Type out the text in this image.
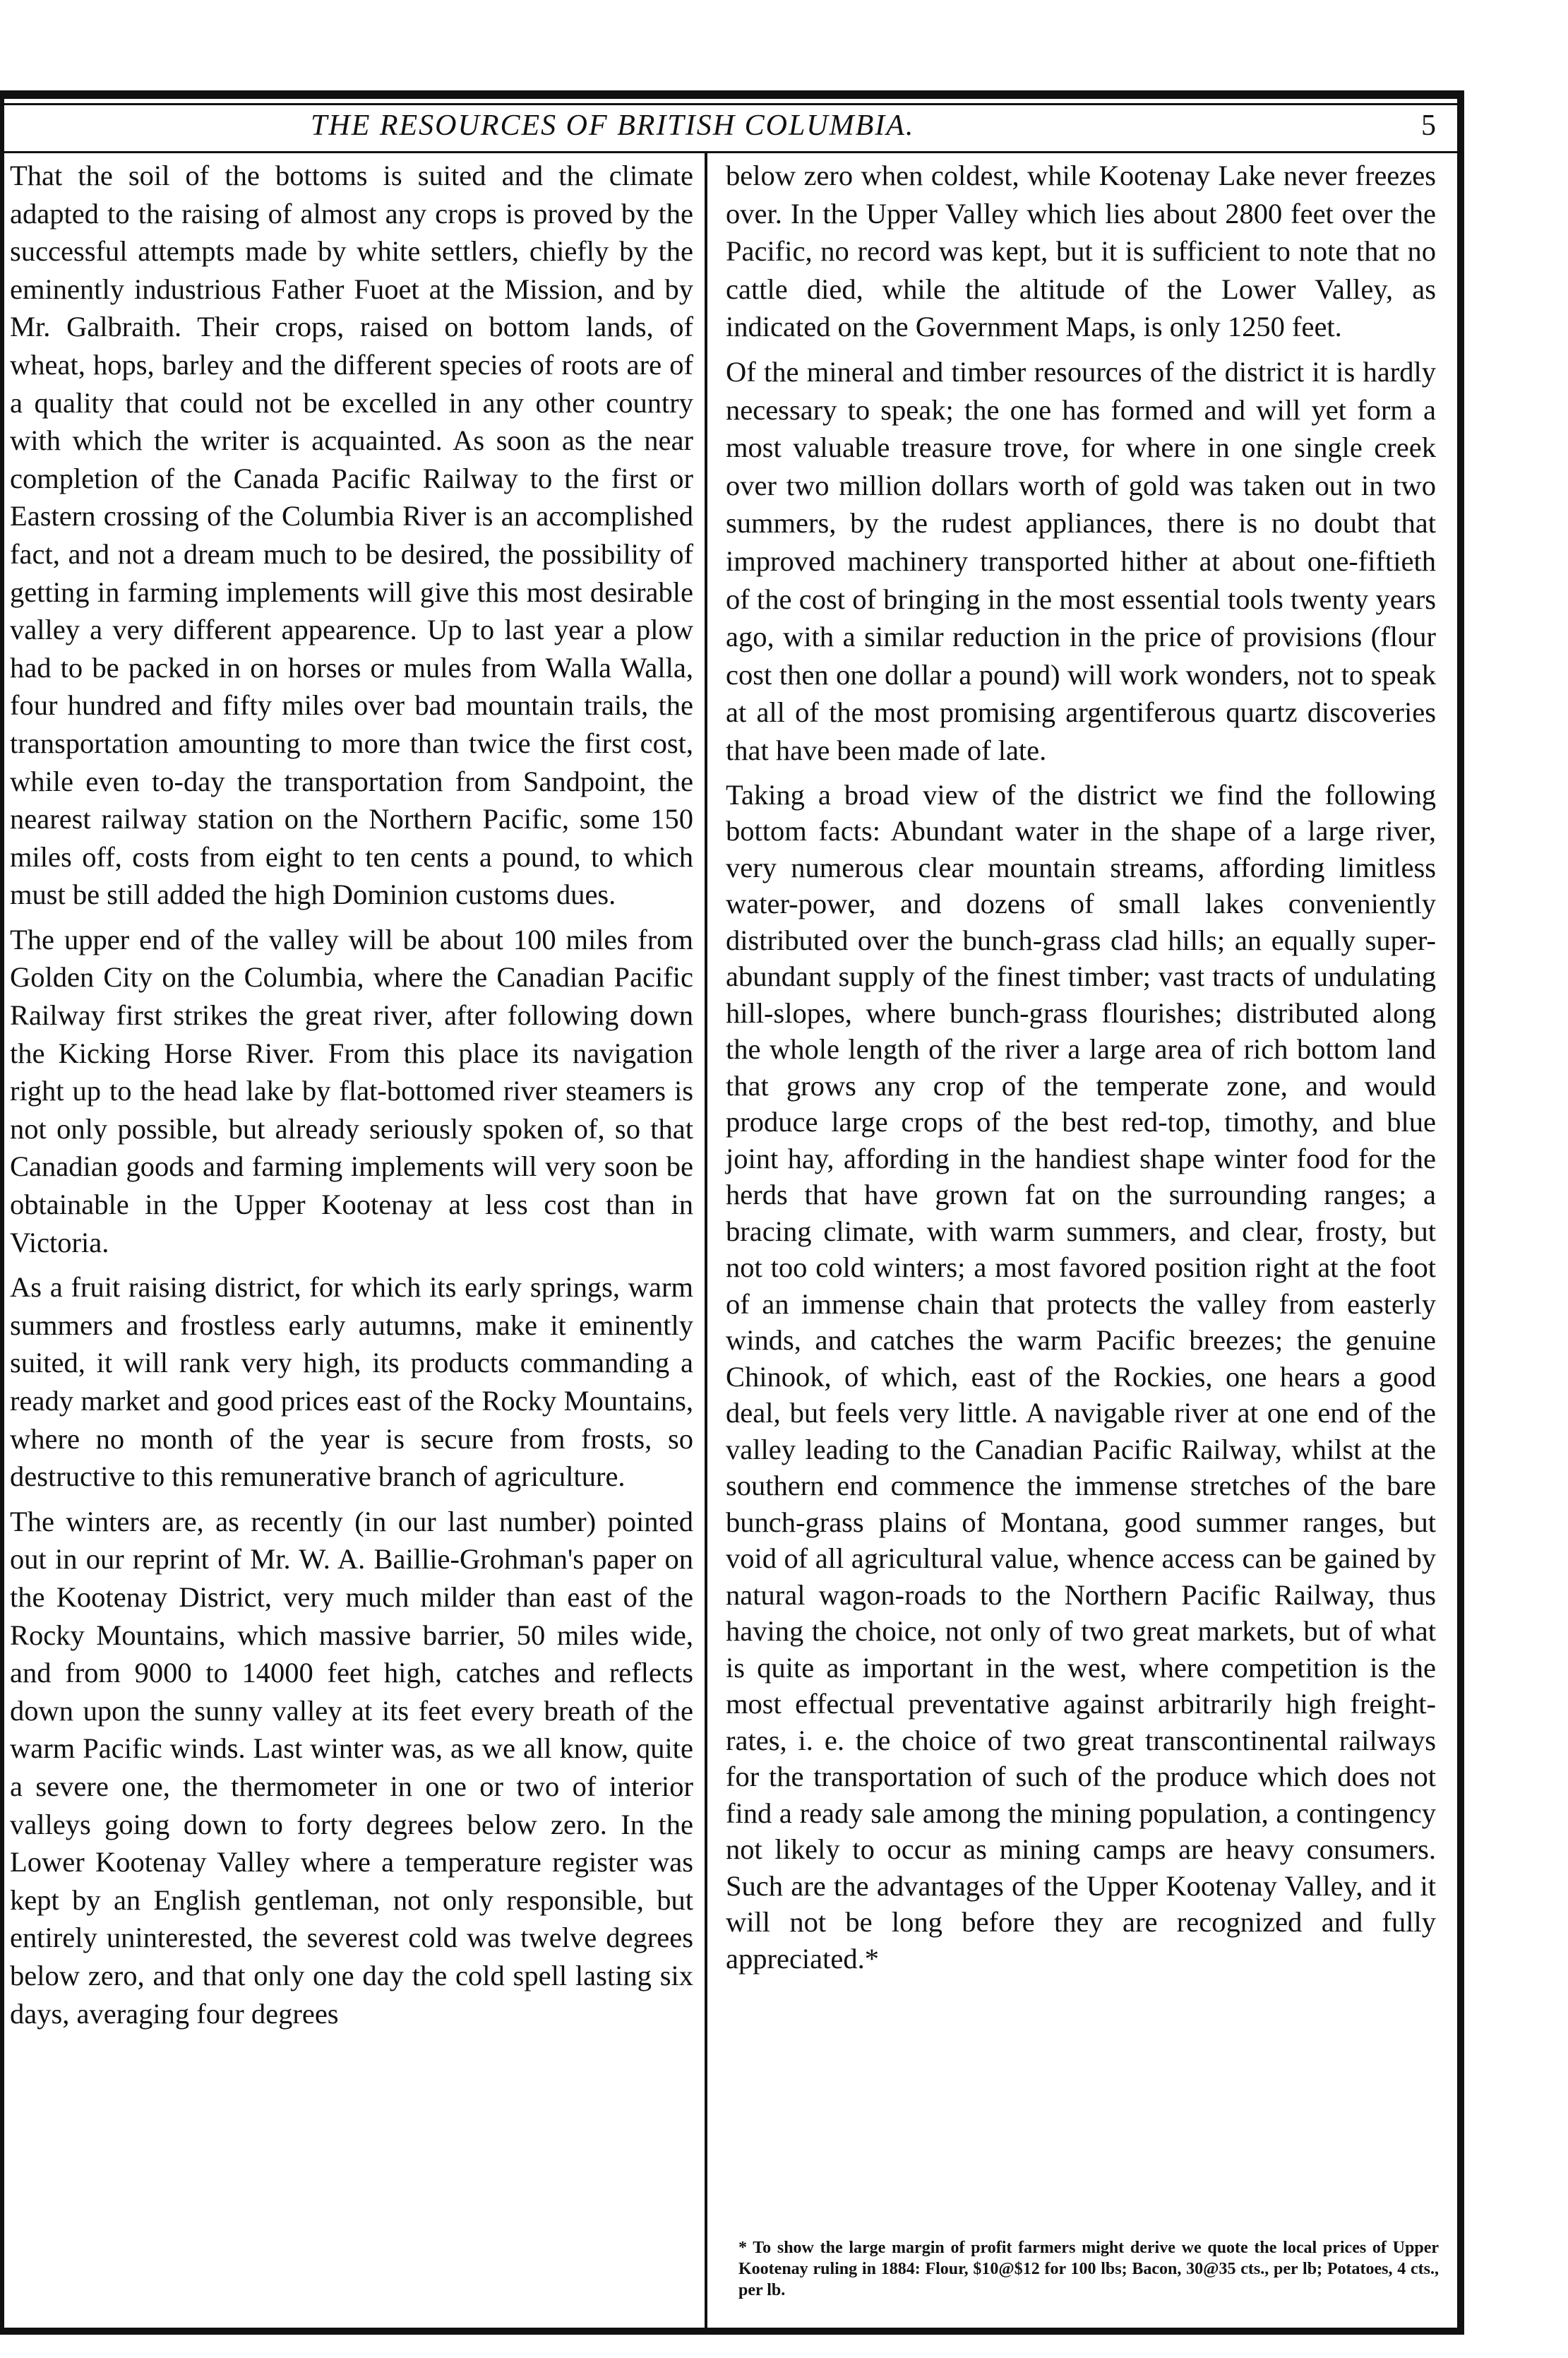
THE RESOURCES OF BRITISH COLUMBIA.	5

That the soil of the bottoms is suited and the climate adapted to the raising of almost any crops is proved by the successful attempts made by white settlers, chiefly by the eminently industrious Father Fuoet at the Mission, and by Mr. Galbraith. Their crops, raised on bottom lands, of wheat, hops, barley and the different species of roots are of a quality that could not be excelled in any other country with which the writer is acquainted. As soon as the near completion of the Canada Pacific Railway to the first or Eastern crossing of the Columbia River is an accomplished fact, and not a dream much to be desired, the possibility of getting in farming implements will give this most desirable valley a very different appearence. Up to last year a plow had to be packed in on horses or mules from Walla Walla, four hundred and fifty miles over bad mountain trails, the transportation amounting to more than twice the first cost, while even to-day the transportation from Sandpoint, the nearest railway station on the Northern Pacific, some 150 miles off, costs from eight to ten cents a pound, to which must be still added the high Dominion customs dues.

The upper end of the valley will be about 100 miles from Golden City on the Columbia, where the Canadian Pacific Railway first strikes the great river, after following down the Kicking Horse River. From this place its navigation right up to the head lake by flat-bottomed river steamers is not only possible, but already seriously spoken of, so that Canadian goods and farming implements will very soon be obtainable in the Upper Kootenay at less cost than in Victoria.

As a fruit raising district, for which its early springs, warm summers and frostless early autumns, make it eminently suited, it will rank very high, its products commanding a ready market and good prices east of the Rocky Mountains, where no month of the year is secure from frosts, so destructive to this remunerative branch of agriculture.

The winters are, as recently (in our last number) pointed out in our reprint of Mr. W. A. Baillie-Grohman's paper on the Kootenay District, very much milder than east of the Rocky Mountains, which massive barrier, 50 miles wide, and from 9000 to 14000 feet high, catches and reflects down upon the sunny valley at its feet every breath of the warm Pacific winds. Last winter was, as we all know, quite a severe one, the thermometer in one or two of interior valleys going down to forty degrees below zero. In the Lower Kootenay Valley where a temperature register was kept by an English gentleman, not only responsible, but entirely uninterested, the severest cold was twelve degrees below zero, and that only one day the cold spell lasting six days, averaging four degrees

below zero when coldest, while Kootenay Lake never freezes over. In the Upper Valley which lies about 2800 feet over the Pacific, no record was kept, but it is sufficient to note that no cattle died, while the altitude of the Lower Valley, as indicated on the Government Maps, is only 1250 feet.

Of the mineral and timber resources of the district it is hardly necessary to speak; the one has formed and will yet form a most valuable treasure trove, for where in one single creek over two million dollars worth of gold was taken out in two summers, by the rudest appliances, there is no doubt that improved machinery transported hither at about one-fiftieth of the cost of bringing in the most essential tools twenty years ago, with a similar reduction in the price of provisions (flour cost then one dollar a pound) will work wonders, not to speak at all of the most promising argentiferous quartz discoveries that have been made of late.

Taking a broad view of the district we find the following bottom facts: Abundant water in the shape of a large river, very numerous clear mountain streams, affording limitless water-power, and dozens of small lakes conveniently distributed over the bunch-grass clad hills; an equally super-abundant supply of the finest timber; vast tracts of undulating hill-slopes, where bunch-grass flourishes; distributed along the whole length of the river a large area of rich bottom land that grows any crop of the temperate zone, and would produce large crops of the best red-top, timothy, and blue joint hay, affording in the handiest shape winter food for the herds that have grown fat on the surrounding ranges; a bracing climate, with warm summers, and clear, frosty, but not too cold winters; a most favored position right at the foot of an immense chain that protects the valley from easterly winds, and catches the warm Pacific breezes; the genuine Chinook, of which, east of the Rockies, one hears a good deal, but feels very little. A navigable river at one end of the valley leading to the Canadian Pacific Railway, whilst at the southern end commence the immense stretches of the bare bunch-grass plains of Montana, good summer ranges, but void of all agricultural value, whence access can be gained by natural wagon-roads to the Northern Pacific Railway, thus having the choice, not only of two great markets, but of what is quite as important in the west, where competition is the most effectual preventative against arbitrarily high freight-rates, i. e. the choice of two great transcontinental railways for the transportation of such of the produce which does not find a ready sale among the mining population, a contingency not likely to occur as mining camps are heavy consumers. Such are the advantages of the Upper Kootenay Valley, and it will not be long before they are recognized and fully appreciated.*

* To show the large margin of profit farmers might derive we quote the local prices of Upper Kootenay ruling in 1884: Flour, $10@$12 for 100 lbs; Bacon, 30@35 cts., per lb; Potatoes, 4 cts., per lb.
